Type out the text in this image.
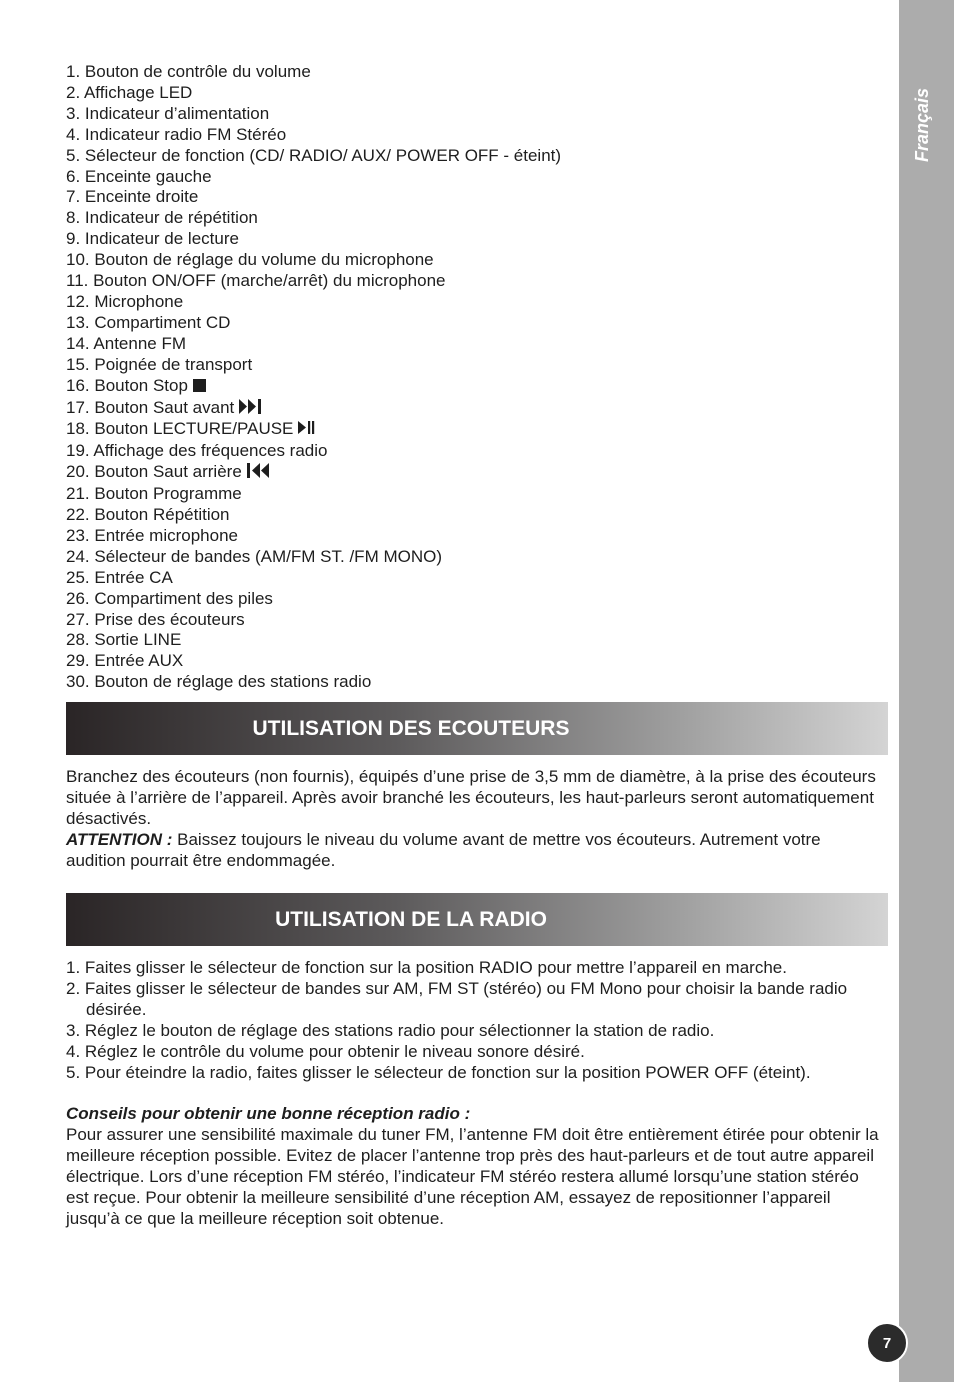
Français
1. Bouton de contrôle du volume
2. Affichage LED
3. Indicateur d’alimentation
4. Indicateur radio FM Stéréo
5. Sélecteur de fonction (CD/ RADIO/ AUX/ POWER OFF - éteint)
6. Enceinte gauche
7. Enceinte droite
8. Indicateur de répétition
9. Indicateur de lecture
10. Bouton de réglage du volume du microphone
11. Bouton ON/OFF (marche/arrêt) du microphone
12. Microphone
13. Compartiment CD
14. Antenne FM
15. Poignée de transport
16. Bouton Stop
17. Bouton Saut avant
18. Bouton LECTURE/PAUSE
19. Affichage des fréquences radio
20. Bouton Saut arrière
21. Bouton Programme
22. Bouton Répétition
23. Entrée microphone
24. Sélecteur de bandes (AM/FM ST. /FM MONO)
25. Entrée CA
26. Compartiment des piles
27. Prise des écouteurs
28. Sortie LINE
29. Entrée AUX
30. Bouton de réglage des stations radio
UTILISATION DES ECOUTEURS

Branchez des écouteurs (non fournis), équipés d’une prise de 3,5 mm de diamètre, à la prise des écouteurs située à l’arrière de l’appareil. Après avoir branché les écouteurs, les haut-parleurs seront automatiquement désactivés.

ATTENTION : Baissez toujours le niveau du volume avant de mettre vos écouteurs. Autrement votre audition pourrait être endommagée.

UTILISATION DE LA RADIO
1. Faites glisser le sélecteur de fonction sur la position RADIO pour mettre l’appareil en marche.
2. Faites glisser le sélecteur de bandes sur AM, FM ST (stéréo) ou FM Mono pour choisir la bande radio désirée.
3. Réglez le bouton de réglage des stations radio pour sélectionner la station de radio.
4. Réglez le contrôle du volume pour obtenir le niveau sonore désiré.
5. Pour éteindre la radio, faites glisser le sélecteur de fonction sur la position POWER OFF (éteint).

Conseils pour obtenir une bonne réception radio :

Pour assurer une sensibilité maximale du tuner FM, l’antenne FM doit être entièrement étirée pour obtenir la meilleure réception possible. Evitez de placer l’antenne trop près des haut-parleurs et de tout autre appareil électrique. Lors d’une réception FM stéréo, l’indicateur FM stéréo restera allumé lorsqu’une station stéréo est reçue. Pour obtenir la meilleure sensibilité d’une réception AM, essayez de repositionner l’appareil jusqu’à ce que la meilleure réception soit obtenue.

7
